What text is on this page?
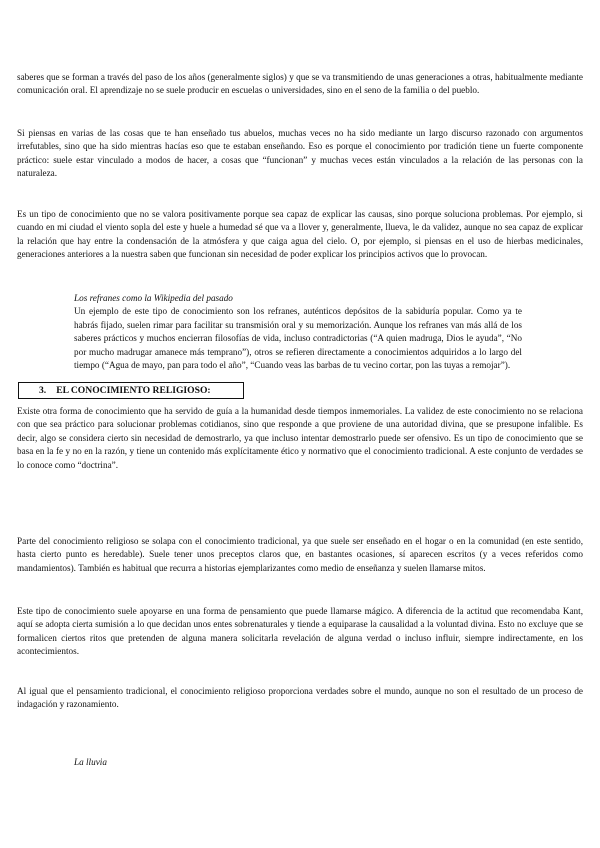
saberes que se forman a través del paso de los años (generalmente siglos) y que se va transmitiendo de unas generaciones a otras, habitualmente mediante comunicación oral. El aprendizaje no se suele producir en escuelas o universidades, sino en el seno de la familia o del pueblo.

Si piensas en varias de las cosas que te han enseñado tus abuelos, muchas veces no ha sido mediante un largo discurso razonado con argumentos irrefutables, sino que ha sido mientras hacías eso que te estaban enseñando. Eso es porque el conocimiento por tradición tiene un fuerte componente práctico: suele estar vinculado a modos de hacer, a cosas que “funcionan” y muchas veces están vinculados a la relación de las personas con la naturaleza.

Es un tipo de conocimiento que no se valora positivamente porque sea capaz de explicar las causas, sino porque soluciona problemas. Por ejemplo, si cuando en mi ciudad el viento sopla del este y huele a humedad sé que va a llover y, generalmente, llueva, le da validez, aunque no sea capaz de explicar la relación que hay entre la condensación de la atmósfera y que caiga agua del cielo. O, por ejemplo, si piensas en el uso de hierbas medicinales, generaciones anteriores a la nuestra saben que funcionan sin necesidad de poder explicar los principios activos que lo provocan.

Los refranes como la Wikipedia del pasado

Un ejemplo de este tipo de conocimiento son los refranes, auténticos depósitos de la sabiduría popular. Como ya te habrás fijado, suelen rimar para facilitar su transmisión oral y su memorización. Aunque los refranes van más allá de los saberes prácticos y muchos encierran filosofías de vida, incluso contradictorias (“A quien madruga, Dios le ayuda”, “No por mucho madrugar amanece más temprano”), otros se refieren directamente a conocimientos adquiridos a lo largo del tiempo (“Agua de mayo, pan para todo el año”, “Cuando veas las barbas de tu vecino cortar, pon las tuyas a remojar”).

3. EL CONOCIMIENTO RELIGIOSO:

Existe otra forma de conocimiento que ha servido de guía a la humanidad desde tiempos inmemoriales. La validez de este conocimiento no se relaciona con que sea práctico para solucionar problemas cotidianos, sino que responde a que proviene de una autoridad divina, que se presupone infalible. Es decir, algo se considera cierto sin necesidad de demostrarlo, ya que incluso intentar demostrarlo puede ser ofensivo. Es un tipo de conocimiento que se basa en la fe y no en la razón, y tiene un contenido más explícitamente ético y normativo que el conocimiento tradicional. A este conjunto de verdades se lo conoce como “doctrina”.

Parte del conocimiento religioso se solapa con el conocimiento tradicional, ya que suele ser enseñado en el hogar o en la comunidad (en este sentido, hasta cierto punto es heredable). Suele tener unos preceptos claros que, en bastantes ocasiones, sí aparecen escritos (y a veces referidos como mandamientos). También es habitual que recurra a historias ejemplarizantes como medio de enseñanza y suelen llamarse mitos.

Este tipo de conocimiento suele apoyarse en una forma de pensamiento que puede llamarse mágico. A diferencia de la actitud que recomendaba Kant, aquí se adopta cierta sumisión a lo que decidan unos entes sobrenaturales y tiende a equiparase la causalidad a la voluntad divina. Esto no excluye que se formalicen ciertos ritos que pretenden de alguna manera solicitarla revelación de alguna verdad o incluso influir, siempre indirectamente, en los acontecimientos.

Al igual que el pensamiento tradicional, el conocimiento religioso proporciona verdades sobre el mundo, aunque no son el resultado de un proceso de indagación y razonamiento.

La lluvia
